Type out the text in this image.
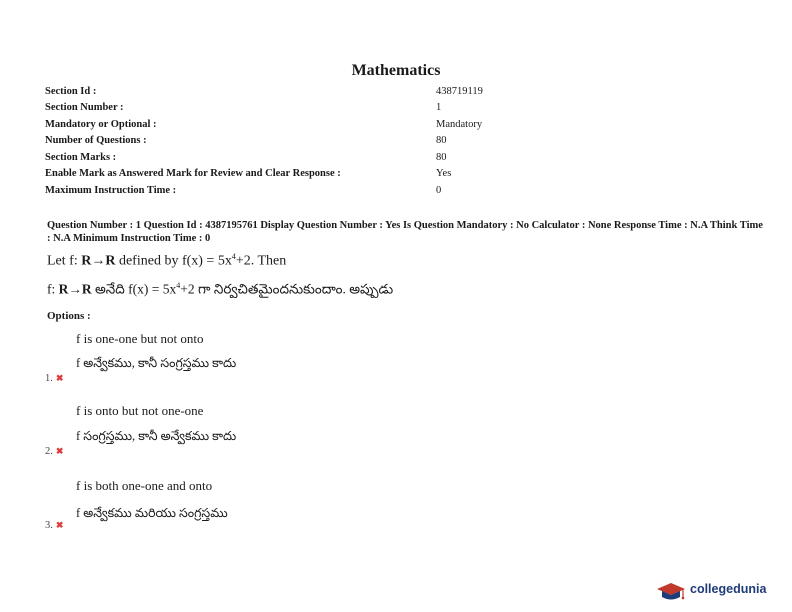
Mathematics
Section Id :	438719119
Section Number :	1
Mandatory or Optional :	Mandatory
Number of Questions :	80
Section Marks :	80
Enable Mark as Answered Mark for Review and Clear Response :	Yes
Maximum Instruction Time :	0
Question Number : 1 Question Id : 4387195761 Display Question Number : Yes Is Question Mandatory : No Calculator : None Response Time : N.A Think Time : N.A Minimum Instruction Time : 0
Let f: R→R defined by $f(x) = 5x^4+2$. Then
f: R→R అనేది $f(x) = 5x^4+2$ గా నిర్వచితమైందనుకుందాం. అప్పుడు
Options :
f is one-one but not onto
f అన్వేకము, కానీ సంగ్రస్తము కాదు
1. ✖
f is onto but not one-one
f సంగ్రస్తము, కానీ అన్వేకము కాదు
2. ✖
f is both one-one and onto
f అన్వేకము మరియు సంగ్రస్తము
3. ✖
collegedunia
